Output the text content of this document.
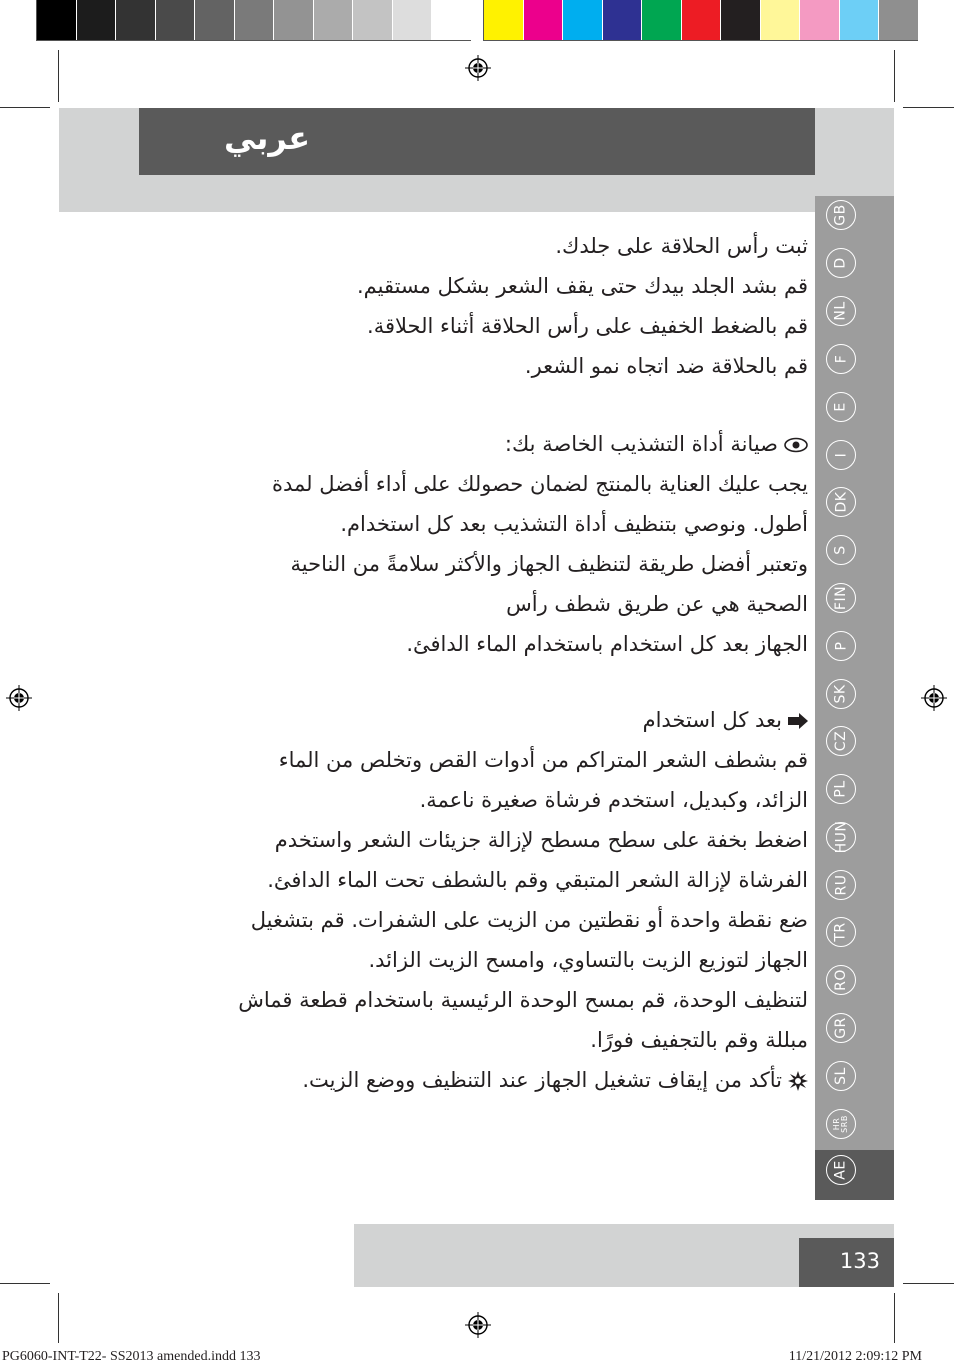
عربي
GB
D
NL
F
E
I
DK
S
FIN
P
SK
CZ
PL
HUN
RU
TR
RO
GR
SL
HR
SRB
AE

ثبت رأس الحلاقة على جلدك.

قم بشد الجلد بيدك حتى يقف الشعر بشكل مستقيم.

قم بالضغط الخفيف على رأس الحلاقة أثناء الحلاقة.

قم بالحلاقة ضد اتجاه نمو الشعر.

صيانة أداة التشذيب الخاصة بك:

يجب عليك العناية بالمنتج لضمان حصولك على أداء أفضل لمدة

أطول. ونوصي بتنظيف أداة التشذيب بعد كل استخدام.

وتعتبر أفضل طريقة لتنظيف الجهاز والأكثر سلامةً من الناحية

الصحية هي عن طريق شطف رأس

الجهاز بعد كل استخدام باستخدام الماء الدافئ.

بعد كل استخدام

قم بشطف الشعر المتراكم من أدوات القص وتخلص من الماء

الزائد، وكبديل، استخدم فرشاة صغيرة ناعمة.

اضغط بخفة على سطح مسطح لإزالة جزيئات الشعر واستخدم

الفرشاة لإزالة الشعر المتبقي وقم بالشطف تحت الماء الدافئ.

ضع نقطة واحدة أو نقطتين من الزيت على الشفرات. قم بتشغيل

الجهاز لتوزيع الزيت بالتساوي، وامسح الزيت الزائد.

لتنظيف الوحدة، قم بمسح الوحدة الرئيسية باستخدام قطعة قماش

مبللة وقم بالتجفيف فورًا.

تأكد من إيقاف تشغيل الجهاز عند التنظيف ووضع الزيت.

133
PG6060-INT-T22- SS2013 amended.indd 133	11/21/2012 2:09:12 PM
